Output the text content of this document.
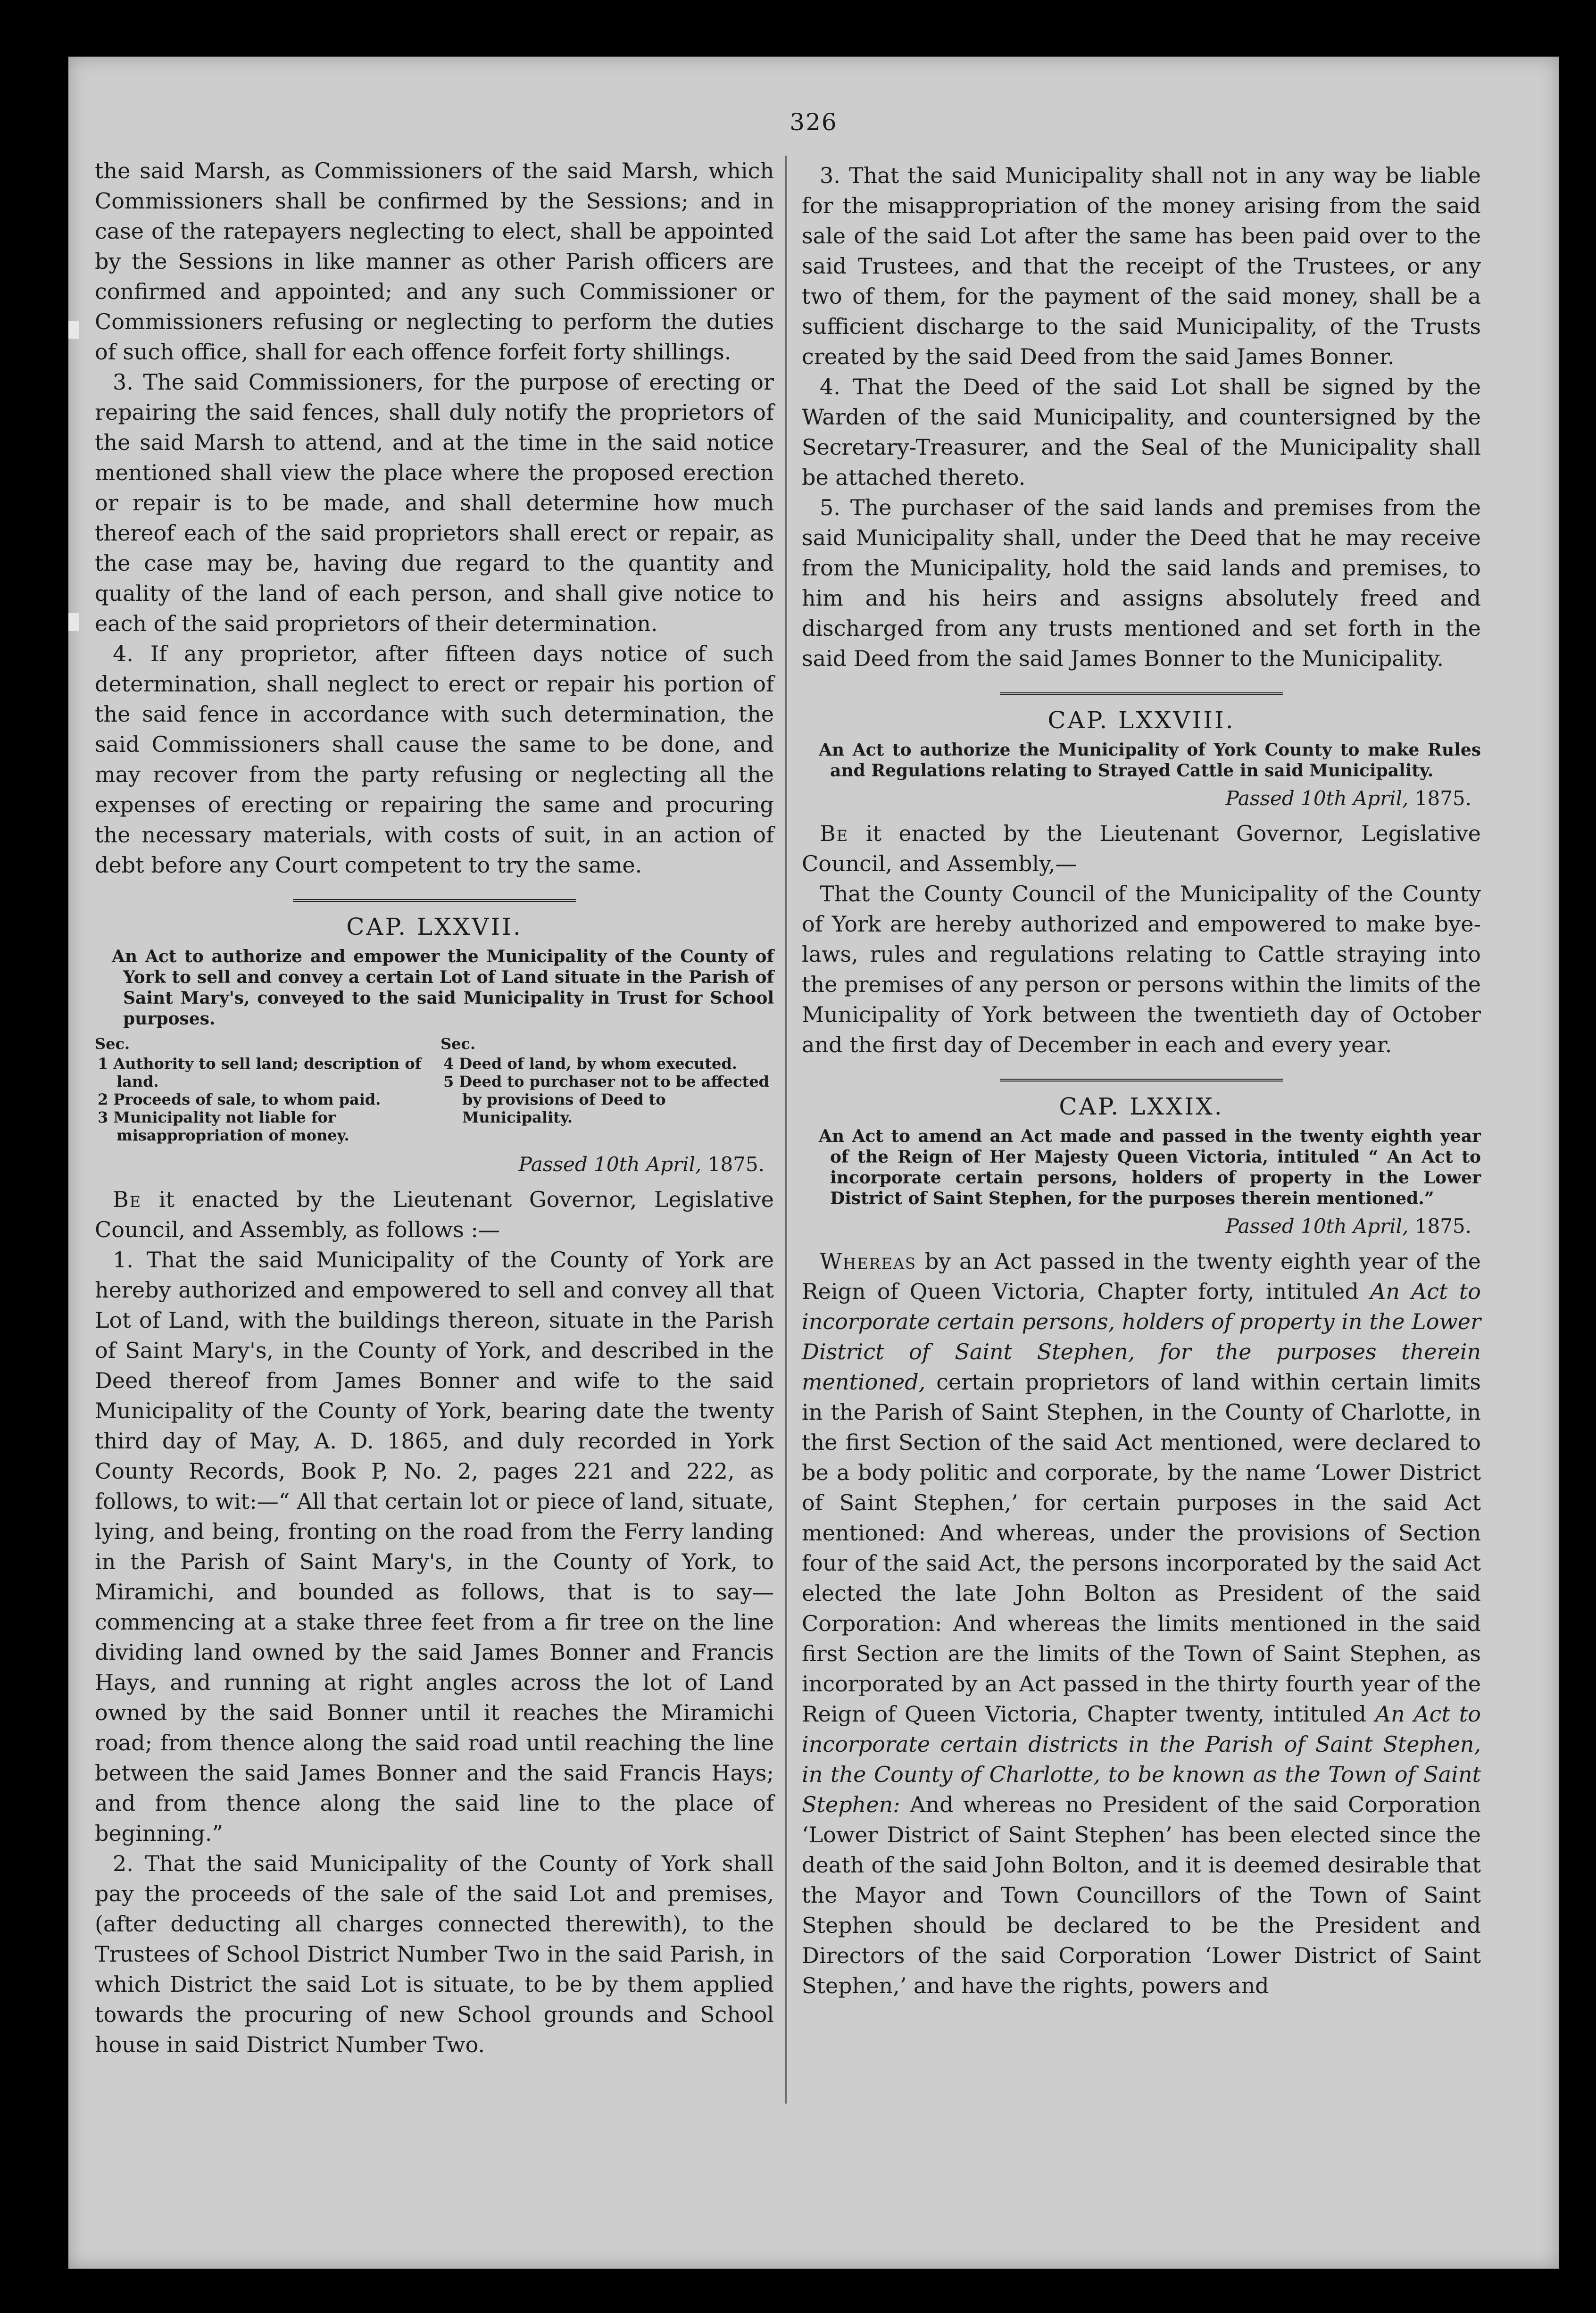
326

the said Marsh, as Commissioners of the said Marsh, which Commissioners shall be confirmed by the Sessions; and in case of the ratepayers neglecting to elect, shall be appointed by the Sessions in like manner as other Parish officers are confirmed and appointed; and any such Commissioner or Commissioners refusing or neglecting to perform the duties of such office, shall for each offence forfeit forty shillings.

3. The said Commissioners, for the purpose of erecting or repairing the said fences, shall duly notify the proprietors of the said Marsh to attend, and at the time in the said notice mentioned shall view the place where the proposed erection or repair is to be made, and shall determine how much thereof each of the said proprietors shall erect or repair, as the case may be, having due regard to the quantity and quality of the land of each person, and shall give notice to each of the said proprietors of their determination.

4. If any proprietor, after fifteen days notice of such determination, shall neglect to erect or repair his portion of the said fence in accordance with such determination, the said Commissioners shall cause the same to be done, and may recover from the party refusing or neglecting all the expenses of erecting or repairing the same and procuring the necessary materials, with costs of suit, in an action of debt before any Court competent to try the same.

CAP. LXXVII.

An Act to authorize and empower the Municipality of the County of York to sell and convey a certain Lot of Land situate in the Parish of Saint Mary's, conveyed to the said Municipality in Trust for School purposes.

Sec.
1 Authority to sell land; description of land.
2 Proceeds of sale, to whom paid.
3 Municipality not liable for misappropriation of money.
Sec.
4 Deed of land, by whom executed.
5 Deed to purchaser not to be affected by provisions of Deed to Municipality.
Passed 10th April, 1875.

Be it enacted by the Lieutenant Governor, Legislative Council, and Assembly, as follows :—

1. That the said Municipality of the County of York are hereby authorized and empowered to sell and convey all that Lot of Land, with the buildings thereon, situate in the Parish of Saint Mary's, in the County of York, and described in the Deed thereof from James Bonner and wife to the said Municipality of the County of York, bearing date the twenty third day of May, A. D. 1865, and duly recorded in York County Records, Book P, No. 2, pages 221 and 222, as follows, to wit:—“ All that certain lot or piece of land, situate, lying, and being, fronting on the road from the Ferry landing in the Parish of Saint Mary's, in the County of York, to Miramichi, and bounded as follows, that is to say—commencing at a stake three feet from a fir tree on the line dividing land owned by the said James Bonner and Francis Hays, and running at right angles across the lot of Land owned by the said Bonner until it reaches the Miramichi road; from thence along the said road until reaching the line between the said James Bonner and the said Francis Hays; and from thence along the said line to the place of beginning.”

2. That the said Municipality of the County of York shall pay the proceeds of the sale of the said Lot and premises, (after deducting all charges connected therewith), to the Trustees of School District Number Two in the said Parish, in which District the said Lot is situate, to be by them applied towards the procuring of new School grounds and School house in said District Number Two.

3. That the said Municipality shall not in any way be liable for the misappropriation of the money arising from the said sale of the said Lot after the same has been paid over to the said Trustees, and that the receipt of the Trustees, or any two of them, for the payment of the said money, shall be a sufficient discharge to the said Municipality, of the Trusts created by the said Deed from the said James Bonner.

4. That the Deed of the said Lot shall be signed by the Warden of the said Municipality, and countersigned by the Secretary-Treasurer, and the Seal of the Municipality shall be attached thereto.

5. The purchaser of the said lands and premises from the said Municipality shall, under the Deed that he may receive from the Municipality, hold the said lands and premises, to him and his heirs and assigns absolutely freed and discharged from any trusts mentioned and set forth in the said Deed from the said James Bonner to the Municipality.

CAP. LXXVIII.

An Act to authorize the Municipality of York County to make Rules and Regulations relating to Strayed Cattle in said Municipality.

Passed 10th April, 1875.

Be it enacted by the Lieutenant Governor, Legislative Council, and Assembly,—

That the County Council of the Municipality of the County of York are hereby authorized and empowered to make bye-laws, rules and regulations relating to Cattle straying into the premises of any person or persons within the limits of the Municipality of York between the twentieth day of October and the first day of December in each and every year.

CAP. LXXIX.

An Act to amend an Act made and passed in the twenty eighth year of the Reign of Her Majesty Queen Victoria, intituled “ An Act to incorporate certain persons, holders of property in the Lower District of Saint Stephen, for the purposes therein mentioned.”

Passed 10th April, 1875.

Whereas by an Act passed in the twenty eighth year of the Reign of Queen Victoria, Chapter forty, intituled An Act to incorporate certain persons, holders of property in the Lower District of Saint Stephen, for the purposes therein mentioned, certain proprietors of land within certain limits in the Parish of Saint Stephen, in the County of Charlotte, in the first Section of the said Act mentioned, were declared to be a body politic and corporate, by the name ‘Lower District of Saint Stephen,’ for certain purposes in the said Act mentioned: And whereas, under the provisions of Section four of the said Act, the persons incorporated by the said Act elected the late John Bolton as President of the said Corporation: And whereas the limits mentioned in the said first Section are the limits of the Town of Saint Stephen, as incorporated by an Act passed in the thirty fourth year of the Reign of Queen Victoria, Chapter twenty, intituled An Act to incorporate certain districts in the Parish of Saint Stephen, in the County of Charlotte, to be known as the Town of Saint Stephen: And whereas no President of the said Corporation ‘Lower District of Saint Stephen’ has been elected since the death of the said John Bolton, and it is deemed desirable that the Mayor and Town Councillors of the Town of Saint Stephen should be declared to be the President and Directors of the said Corporation ‘Lower District of Saint Stephen,’ and have the rights, powers and
